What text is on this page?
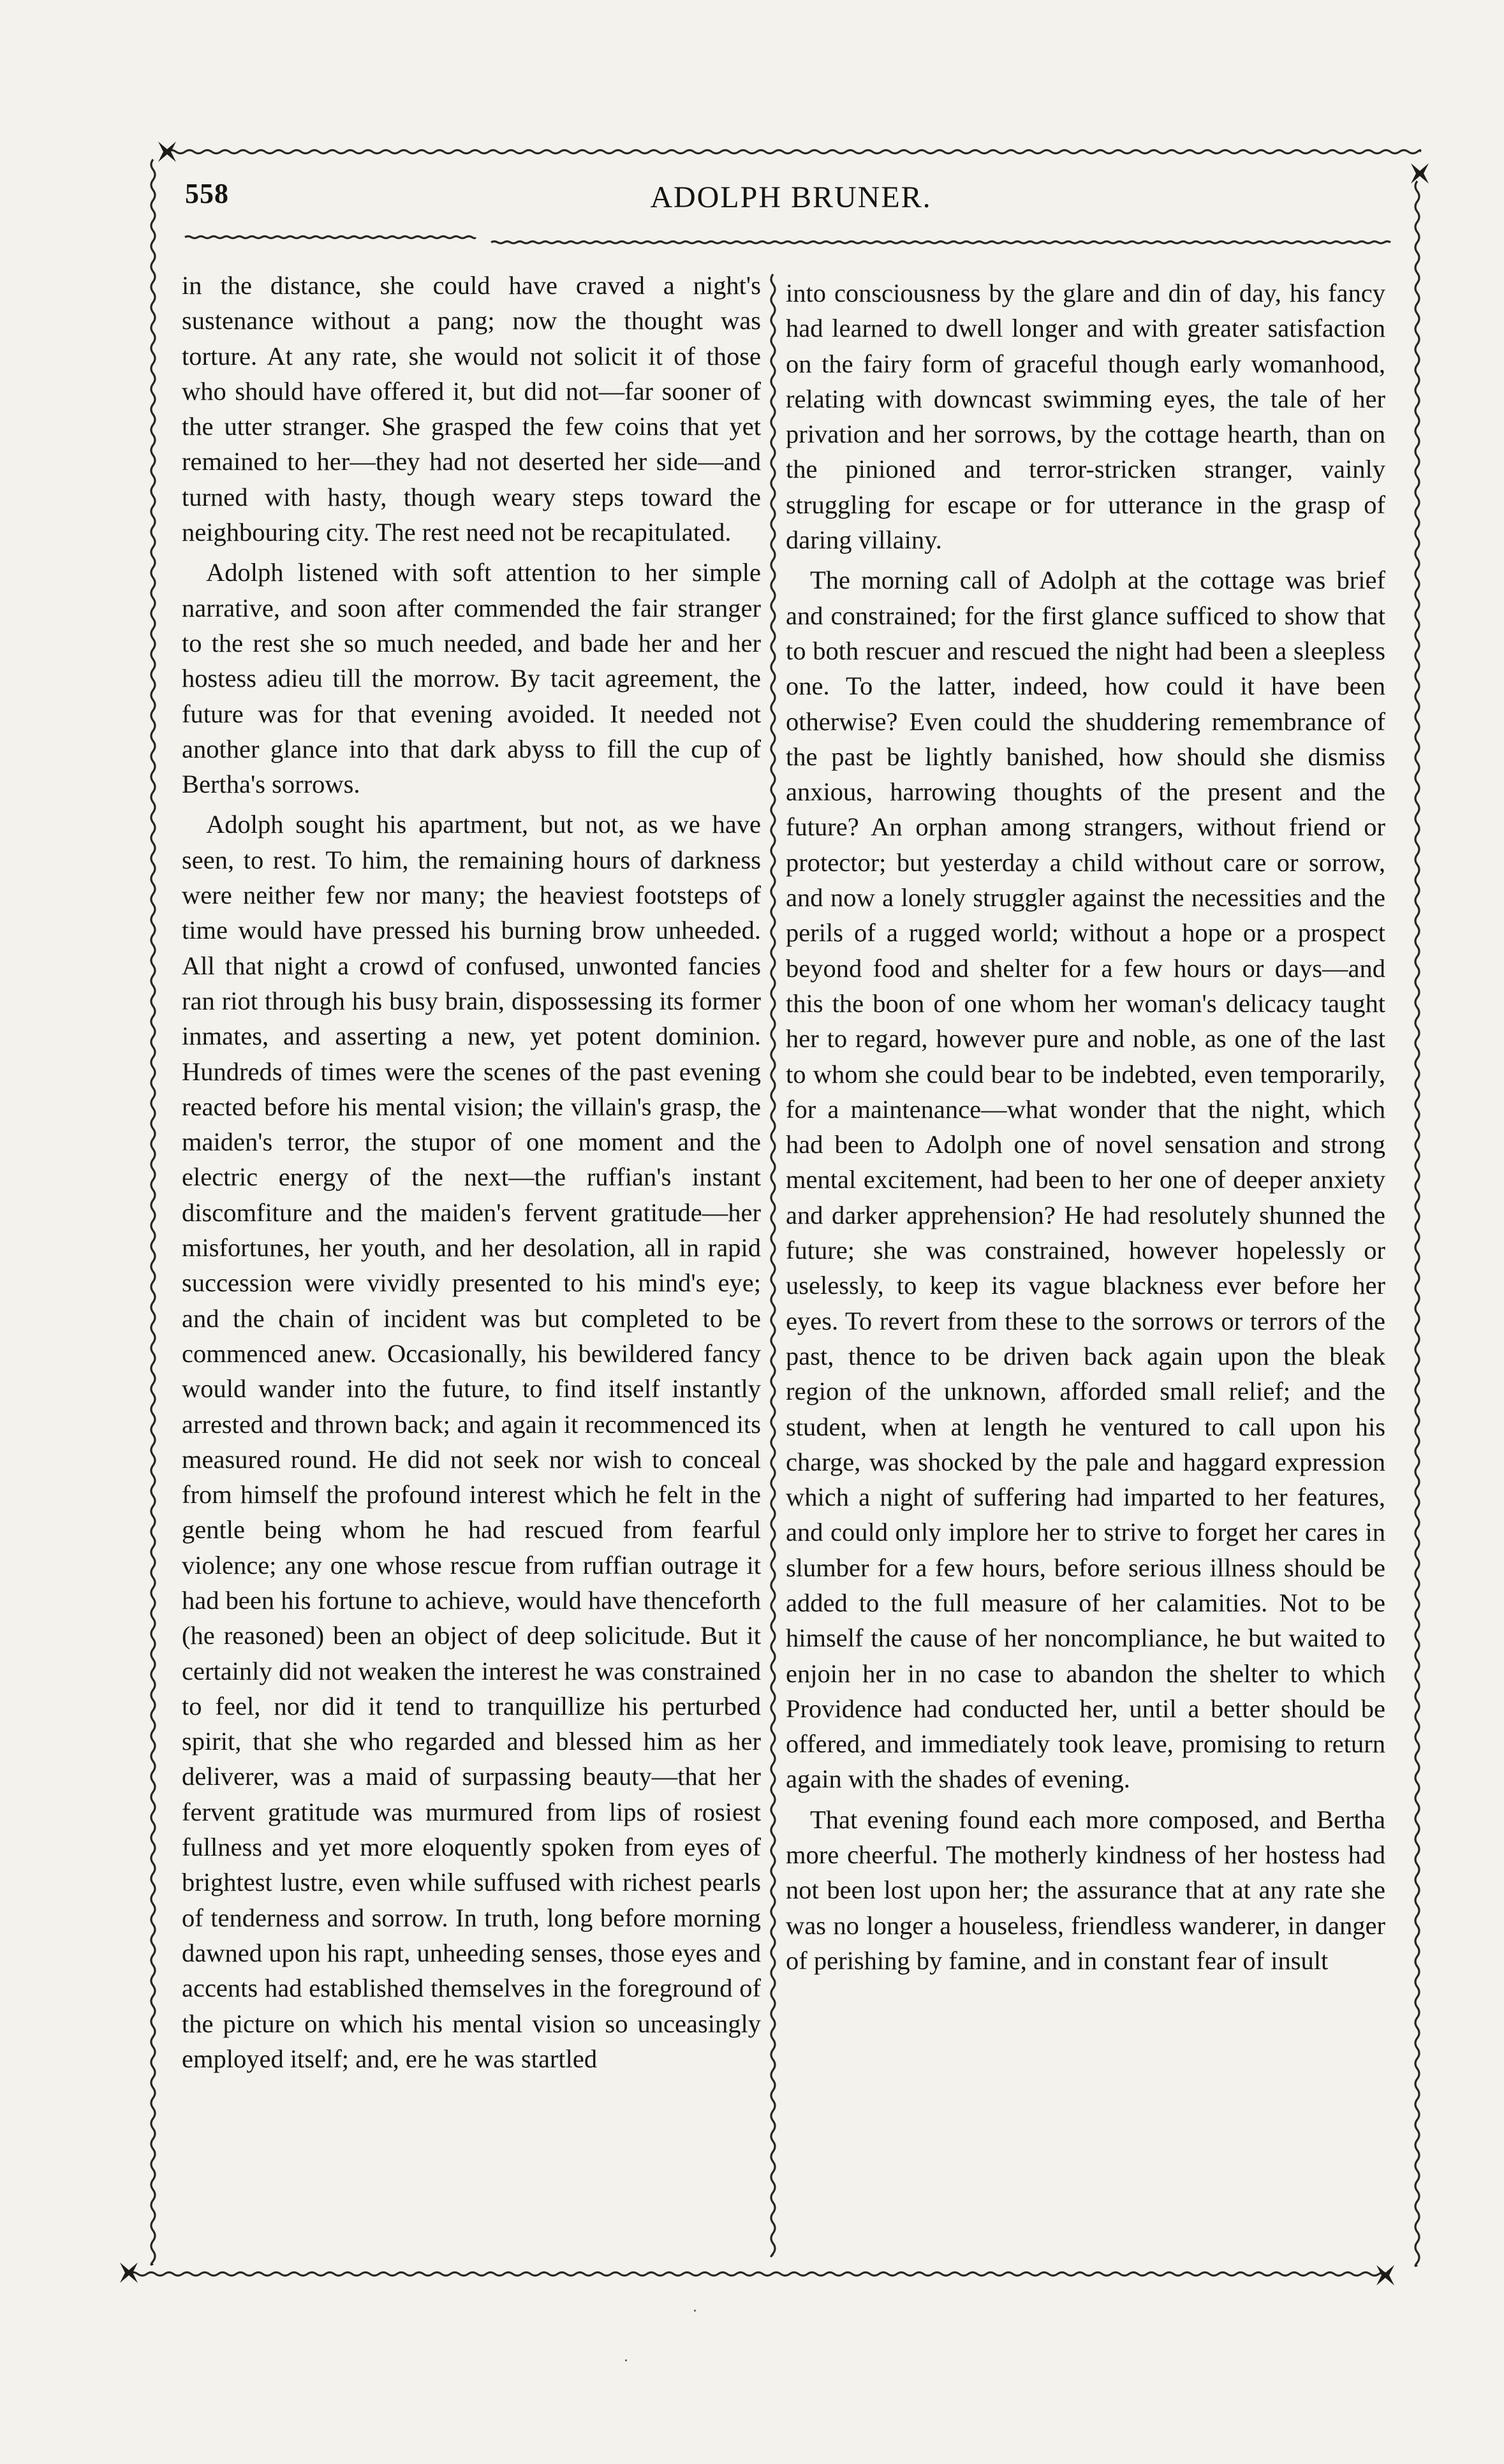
558	ADOLPH BRUNER.

in the distance, she could have craved a night's sustenance without a pang; now the thought was torture. At any rate, she would not solicit it of those who should have offered it, but did not—far sooner of the utter stranger. She grasped the few coins that yet remained to her—they had not deserted her side—and turned with hasty, though weary steps toward the neighbouring city. The rest need not be recapitulated.

Adolph listened with soft attention to her simple narrative, and soon after commended the fair stranger to the rest she so much needed, and bade her and her hostess adieu till the morrow. By tacit agreement, the future was for that evening avoided. It needed not another glance into that dark abyss to fill the cup of Bertha's sorrows.

Adolph sought his apartment, but not, as we have seen, to rest. To him, the remaining hours of darkness were neither few nor many; the heaviest footsteps of time would have pressed his burning brow unheeded. All that night a crowd of confused, unwonted fancies ran riot through his busy brain, dispossessing its former inmates, and asserting a new, yet potent dominion. Hundreds of times were the scenes of the past evening reacted before his mental vision; the villain's grasp, the maiden's terror, the stupor of one moment and the electric energy of the next—the ruffian's instant discomfiture and the maiden's fervent gratitude—her misfortunes, her youth, and her desolation, all in rapid succession were vividly presented to his mind's eye; and the chain of incident was but completed to be commenced anew. Occasionally, his bewildered fancy would wander into the future, to find itself instantly arrested and thrown back; and again it recommenced its measured round. He did not seek nor wish to conceal from himself the profound interest which he felt in the gentle being whom he had rescued from fearful violence; any one whose rescue from ruffian outrage it had been his fortune to achieve, would have thenceforth (he reasoned) been an object of deep solicitude. But it certainly did not weaken the interest he was constrained to feel, nor did it tend to tranquillize his perturbed spirit, that she who regarded and blessed him as her deliverer, was a maid of surpassing beauty—that her fervent gratitude was murmured from lips of rosiest fullness and yet more eloquently spoken from eyes of brightest lustre, even while suffused with richest pearls of tenderness and sorrow. In truth, long before morning dawned upon his rapt, unheeding senses, those eyes and accents had established themselves in the foreground of the picture on which his mental vision so unceasingly employed itself; and, ere he was startled

into consciousness by the glare and din of day, his fancy had learned to dwell longer and with greater satisfaction on the fairy form of graceful though early womanhood, relating with downcast swimming eyes, the tale of her privation and her sorrows, by the cottage hearth, than on the pinioned and terror-stricken stranger, vainly struggling for escape or for utterance in the grasp of daring villainy.

The morning call of Adolph at the cottage was brief and constrained; for the first glance sufficed to show that to both rescuer and rescued the night had been a sleepless one. To the latter, indeed, how could it have been otherwise? Even could the shuddering remembrance of the past be lightly banished, how should she dismiss anxious, harrowing thoughts of the present and the future? An orphan among strangers, without friend or protector; but yesterday a child without care or sorrow, and now a lonely struggler against the necessities and the perils of a rugged world; without a hope or a prospect beyond food and shelter for a few hours or days—and this the boon of one whom her woman's delicacy taught her to regard, however pure and noble, as one of the last to whom she could bear to be indebted, even temporarily, for a maintenance—what wonder that the night, which had been to Adolph one of novel sensation and strong mental excitement, had been to her one of deeper anxiety and darker apprehension? He had resolutely shunned the future; she was constrained, however hopelessly or uselessly, to keep its vague blackness ever before her eyes. To revert from these to the sorrows or terrors of the past, thence to be driven back again upon the bleak region of the unknown, afforded small relief; and the student, when at length he ventured to call upon his charge, was shocked by the pale and haggard expression which a night of suffering had imparted to her features, and could only implore her to strive to forget her cares in slumber for a few hours, before serious illness should be added to the full measure of her calamities. Not to be himself the cause of her noncompliance, he but waited to enjoin her in no case to abandon the shelter to which Providence had conducted her, until a better should be offered, and immediately took leave, promising to return again with the shades of evening.

That evening found each more composed, and Bertha more cheerful. The motherly kindness of her hostess had not been lost upon her; the assurance that at any rate she was no longer a houseless, friendless wanderer, in danger of perishing by famine, and in constant fear of insult
